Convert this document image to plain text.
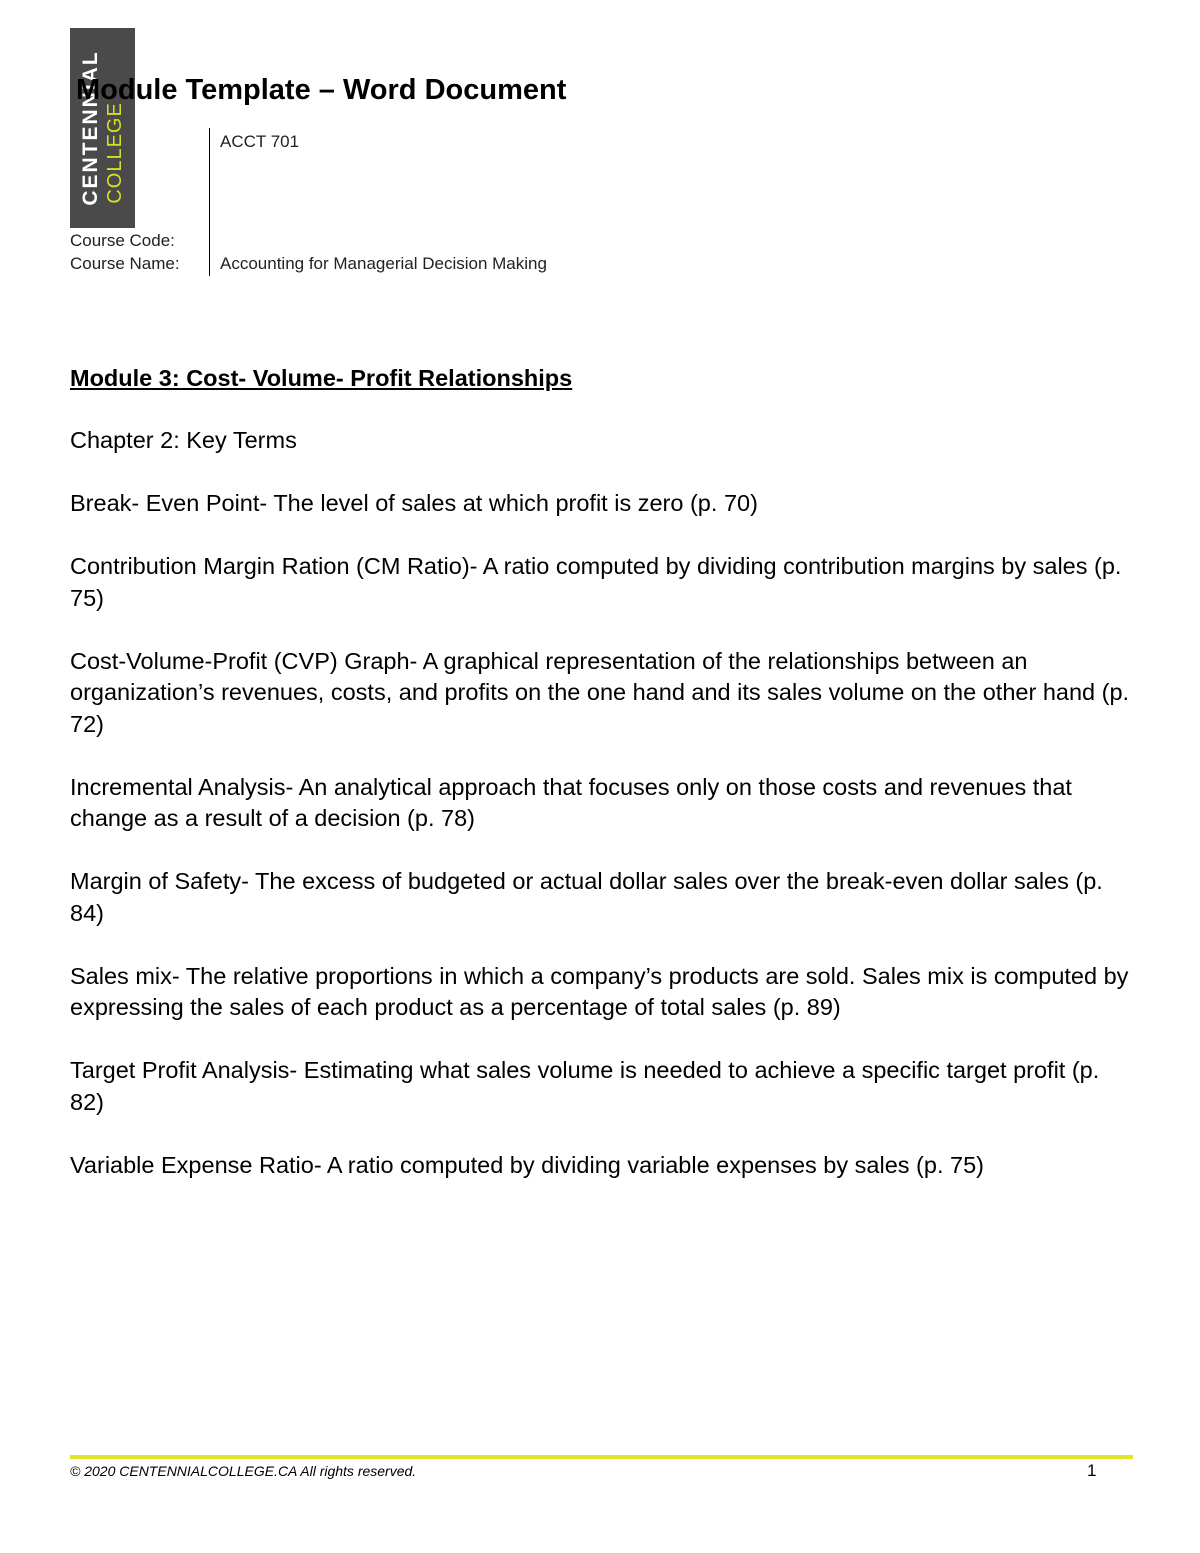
CENTENNIAL COLLEGE
Module Template – Word Document
ACCT 701
Course Code:
Course Name: Accounting for Managerial Decision Making
Module 3: Cost- Volume- Profit Relationships
Chapter 2: Key Terms

Break- Even Point- The level of sales at which profit is zero (p. 70)

Contribution Margin Ration (CM Ratio)- A ratio computed by dividing contribution margins by sales (p. 75)

Cost-Volume-Profit (CVP) Graph- A graphical representation of the relationships between an organization’s revenues, costs, and profits on the one hand and its sales volume on the other hand (p. 72)

Incremental Analysis- An analytical approach that focuses only on those costs and revenues that change as a result of a decision (p. 78)

Margin of Safety- The excess of budgeted or actual dollar sales over the break-even dollar sales (p. 84)

Sales mix- The relative proportions in which a company’s products are sold. Sales mix is computed by expressing the sales of each product as a percentage of total sales (p. 89)

Target Profit Analysis- Estimating what sales volume is needed to achieve a specific target profit (p. 82)

Variable Expense Ratio- A ratio computed by dividing variable expenses by sales (p. 75)

© 2020 CENTENNIALCOLLEGE.CA All rights reserved.	1
